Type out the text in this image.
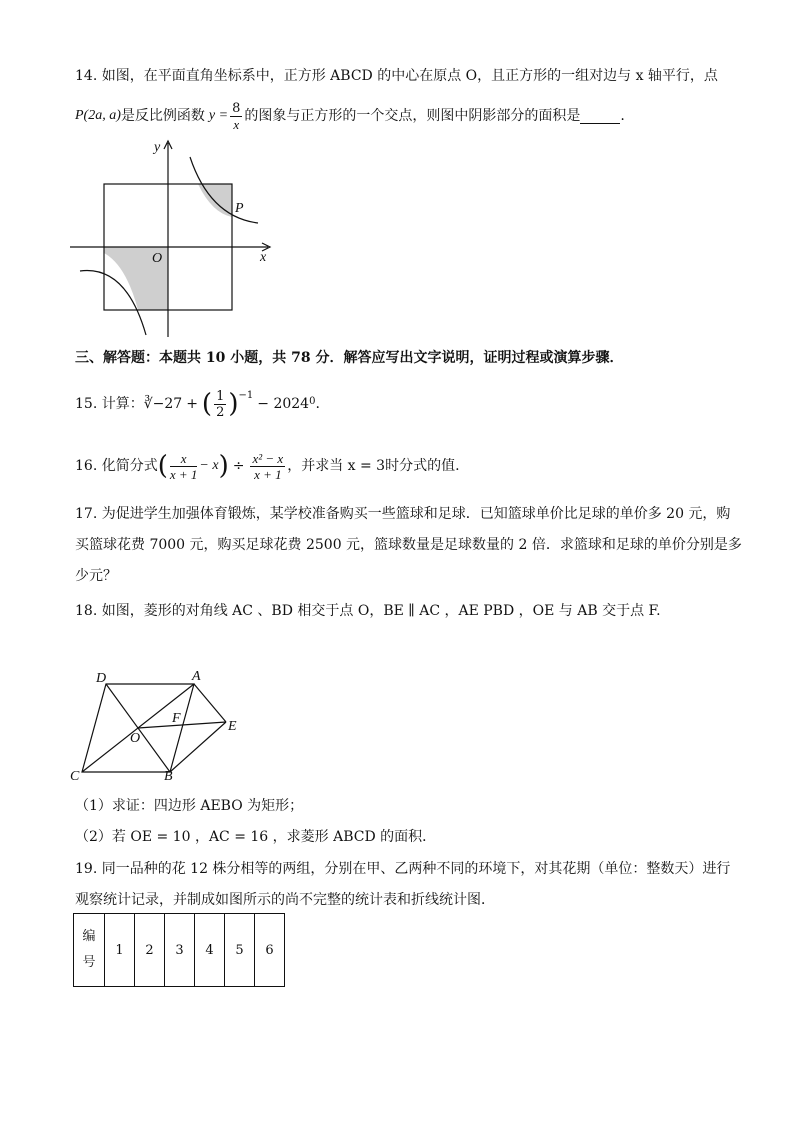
14. 如图，在平面直角坐标系中，正方形 ABCD 的中心在原点 O，且正方形的一组对边与 x 轴平行，点
P(2a, a) 是反比例函数 $y = \frac{8}{x}$ 的图象与正方形的一个交点，则图中阴影部分的面积是	.
y
x
O
P
三、解答题：本题共 10 小题，共 78 分．解答应写出文字说明，证明过程或演算步骤．
15. 计算： ∛−27 + ( $\frac{1}{2} )^{-1}$
− 2024 0 .
16. 化简分式 ( $\frac{x}{x + 1} - x$ ) ÷ $\frac{\text{x² − x}}{x + 1}$ ，并求当 x = 3时分式的值.
17. 为促进学生加强体育锻炼，某学校准备购买一些篮球和足球．已知篮球单价比足球的单价多 20 元，购
买篮球花费 7000 元，购买足球花费 2500 元，篮球数量是足球数量的 2 倍．求篮球和足球的单价分别是多
少元？
18. 如图，菱形的对角线 AC 、BD 相交于点 O，BE ∥ AC ，AE PBD ，OE 与 AB 交于点 F.
D	A
F
E
O
C	B
（1）求证：四边形 AEBO 为矩形；
（2）若 OE = 10 ，AC = 16 ，求菱形 ABCD 的面积．
19. 同一品种的花 12 株分相等的两组，分别在甲、乙两种不同的环境下，对其花期（单位：整数天）进行
观察统计记录，并制成如图所示的尚不完整的统计表和折线统计图．
编号	1	2	3	4	5	6
